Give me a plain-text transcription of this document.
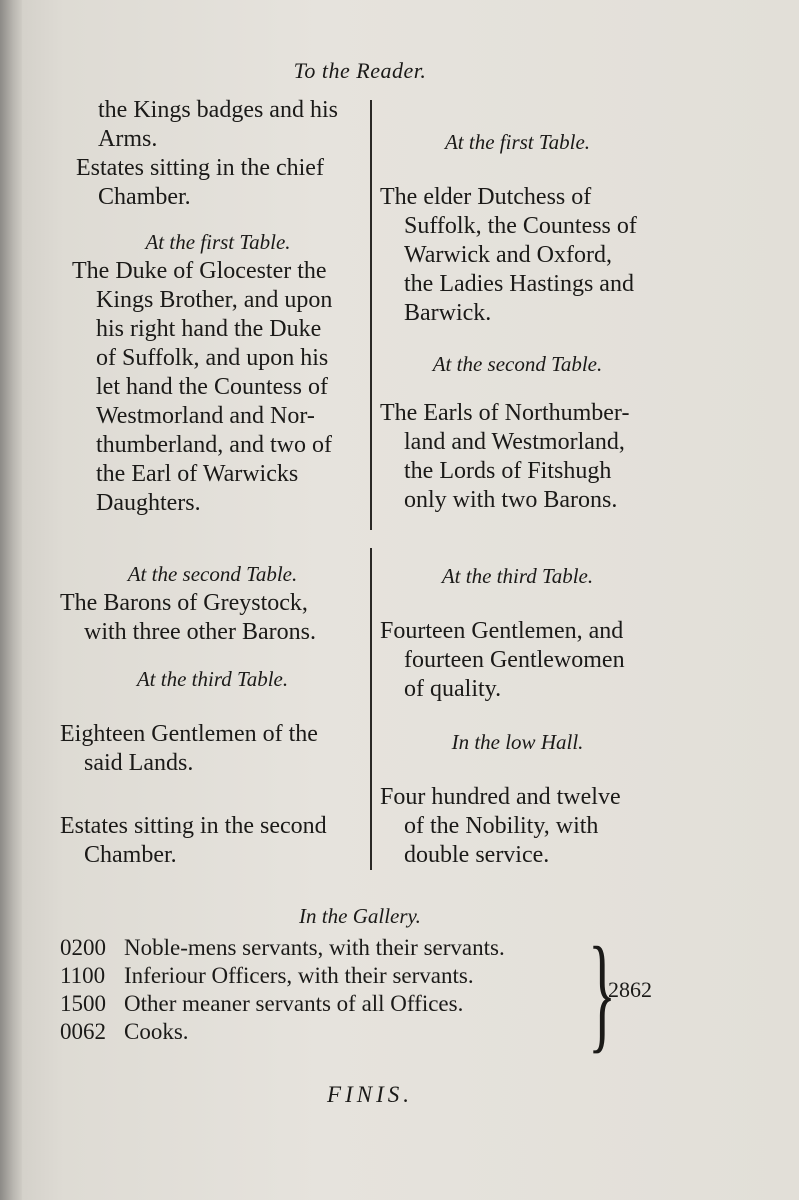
To the Reader.

the Kings badges and his

Arms.

Estates sitting in the chief

Chamber.

At the first Table.

The Duke of Glocester the

Kings Brother, and upon

his right hand the Duke

of Suffolk, and upon his

let hand the Countess of

Westmorland and Nor-

thumberland, and two of

the Earl of Warwicks

Daughters.

At the second Table.

The Barons of Greystock,

with three other Barons.

At the third Table.

Eighteen Gentlemen of the

said Lands.

Estates sitting in the second

Chamber.

At the first Table.

The elder Dutchess of

Suffolk, the Countess of

Warwick and Oxford,

the Ladies Hastings and

Barwick.

At the second Table.

The Earls of Northumber-

land and Westmorland,

the Lords of Fitshugh

only with two Barons.

At the third Table.

Fourteen Gentlemen, and

fourteen Gentlewomen

of quality.

In the low Hall.

Four hundred and twelve

of the Nobility, with

double service.

In the Gallery.

0200 Noble-mens servants, with their servants.
1100 Inferiour Officers, with their servants.
1500 Other meaner servants of all Offices.
0062 Cooks.	}
2862
FINIS.
